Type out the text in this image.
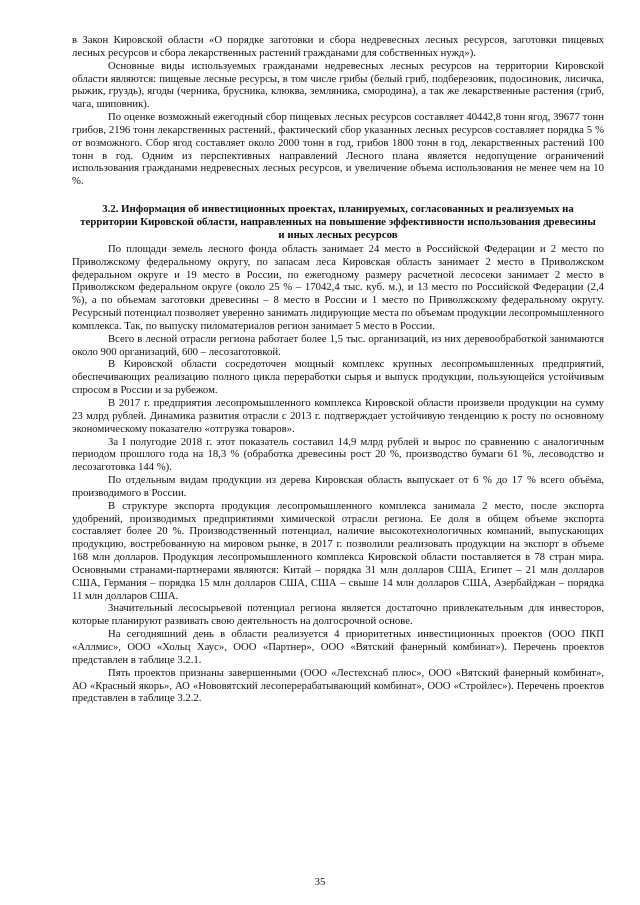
в Закон Кировской области «О порядке заготовки и сбора недревесных лесных ресурсов, заготовки пищевых лесных ресурсов и сбора лекарственных растений гражданами для собственных нужд»).

Основные виды используемых гражданами недревесных лесных ресурсов на территории Кировской области являются: пищевые лесные ресурсы, в том числе грибы (белый гриб, подберезовик, подосиновик, лисичка, рыжик, груздь), ягоды (черника, брусника, клюква, земляника, смородина), а так же лекарственные растения (гриб, чага, шиповник).

По оценке возможный ежегодный сбор пищевых лесных ресурсов составляет 40442,8 тонн ягод, 39677 тонн грибов, 2196 тонн лекарственных растений., фактический сбор указанных лесных ресурсов составляет порядка 5 % от возможного. Сбор ягод составляет около 2000 тонн в год, грибов 1800 тонн в год, лекарственных растений 100 тонн в год. Одним из перспективных направлений Лесного плана является недопущение ограничений использования гражданами недревесных лесных ресурсов, и увеличение объема использования не менее чем на 10 %.

3.2. Информация об инвестиционных проектах, планируемых, согласованных и реализуемых на территории Кировской области, направленных на повышение эффективности использования древесины и иных лесных ресурсов

По площади земель лесного фонда область занимает 24 место в Российской Федерации и 2 место по Приволжскому федеральному округу, по запасам леса Кировская область занимает 2 место в Приволжском федеральном округе и 19 место в России, по ежегодному размеру расчетной лесосеки занимает 2 место в Приволжском федеральном округе (около 25 % – 17042,4 тыс. куб. м.), и 13 место по Российской Федерации (2,4 %), а по объемам заготовки древесины – 8 место в России и 1 место по Приволжскому федеральному округу. Ресурсный потенциал позволяет уверенно занимать лидирующие места по объемам продукции лесопромышленного комплекса. Так, по выпуску пиломатериалов регион занимает 5 место в России.

Всего в лесной отрасли региона работает более 1,5 тыс. организаций, из них деревообработкой занимаются около 900 организаций, 600 – лесозаготовкой.

В Кировской области сосредоточен мощный комплекс крупных лесопромышленных предприятий, обеспечивающих реализацию полного цикла переработки сырья и выпуск продукции, пользующейся устойчивым спросом в России и за рубежом.

В 2017 г. предприятия лесопромышленного комплекса Кировской области произвели продукции на сумму 23 млрд рублей. Динамика развития отрасли с 2013 г. подтверждает устойчивую тенденцию к росту по основному экономическому показателю «отгрузка товаров».

За I полугодие 2018 г. этот показатель составил 14,9 млрд рублей и вырос по сравнению с аналогичным периодом прошлого года на 18,3 % (обработка древесины рост 20 %, производство бумаги 61 %, лесоводство и лесозаготовка 144 %).

По отдельным видам продукции из дерева Кировская область выпускает от 6 % до 17 % всего объёма, производимого в России.

В структуре экспорта продукция лесопромышленного комплекса занимала 2 место, после экспорта удобрений, производимых предприятиями химической отрасли региона. Ее доля в общем объеме экспорта составляет более 20 %. Производственный потенциал, наличие высокотехнологичных компаний, выпускающих продукцию, востребованную на мировом рынке, в 2017 г. позволили реализовать продукции на экспорт в объеме 168 млн долларов. Продукция лесопромышленного комплекса Кировской области поставляется в 78 стран мира. Основными странами-партнерами являются: Китай – порядка 31 млн долларов США, Египет – 21 млн долларов США, Германия – порядка 15 млн долларов США, США – свыше 14 млн долларов США, Азербайджан – порядка 11 млн долларов США.

Значительный лесосырьевой потенциал региона является достаточно привлекательным для инвесторов, которые планируют развивать свою деятельность на долгосрочной основе.

На сегодняшний день в области реализуется 4 приоритетных инвестиционных проектов (ООО ПКП «Аллмис», ООО «Хольц Хаус», ООО «Партнер», ООО «Вятский фанерный комбинат»). Перечень проектов представлен в таблице 3.2.1.

Пять проектов признаны завершенными (ООО «Лестехснаб плюс», ООО «Вятский фанерный комбинат», АО «Красный якорь», АО «Нововятский лесоперерабатывающий комбинат», ООО «Стройлес»). Перечень проектов представлен в таблице 3.2.2.

35
